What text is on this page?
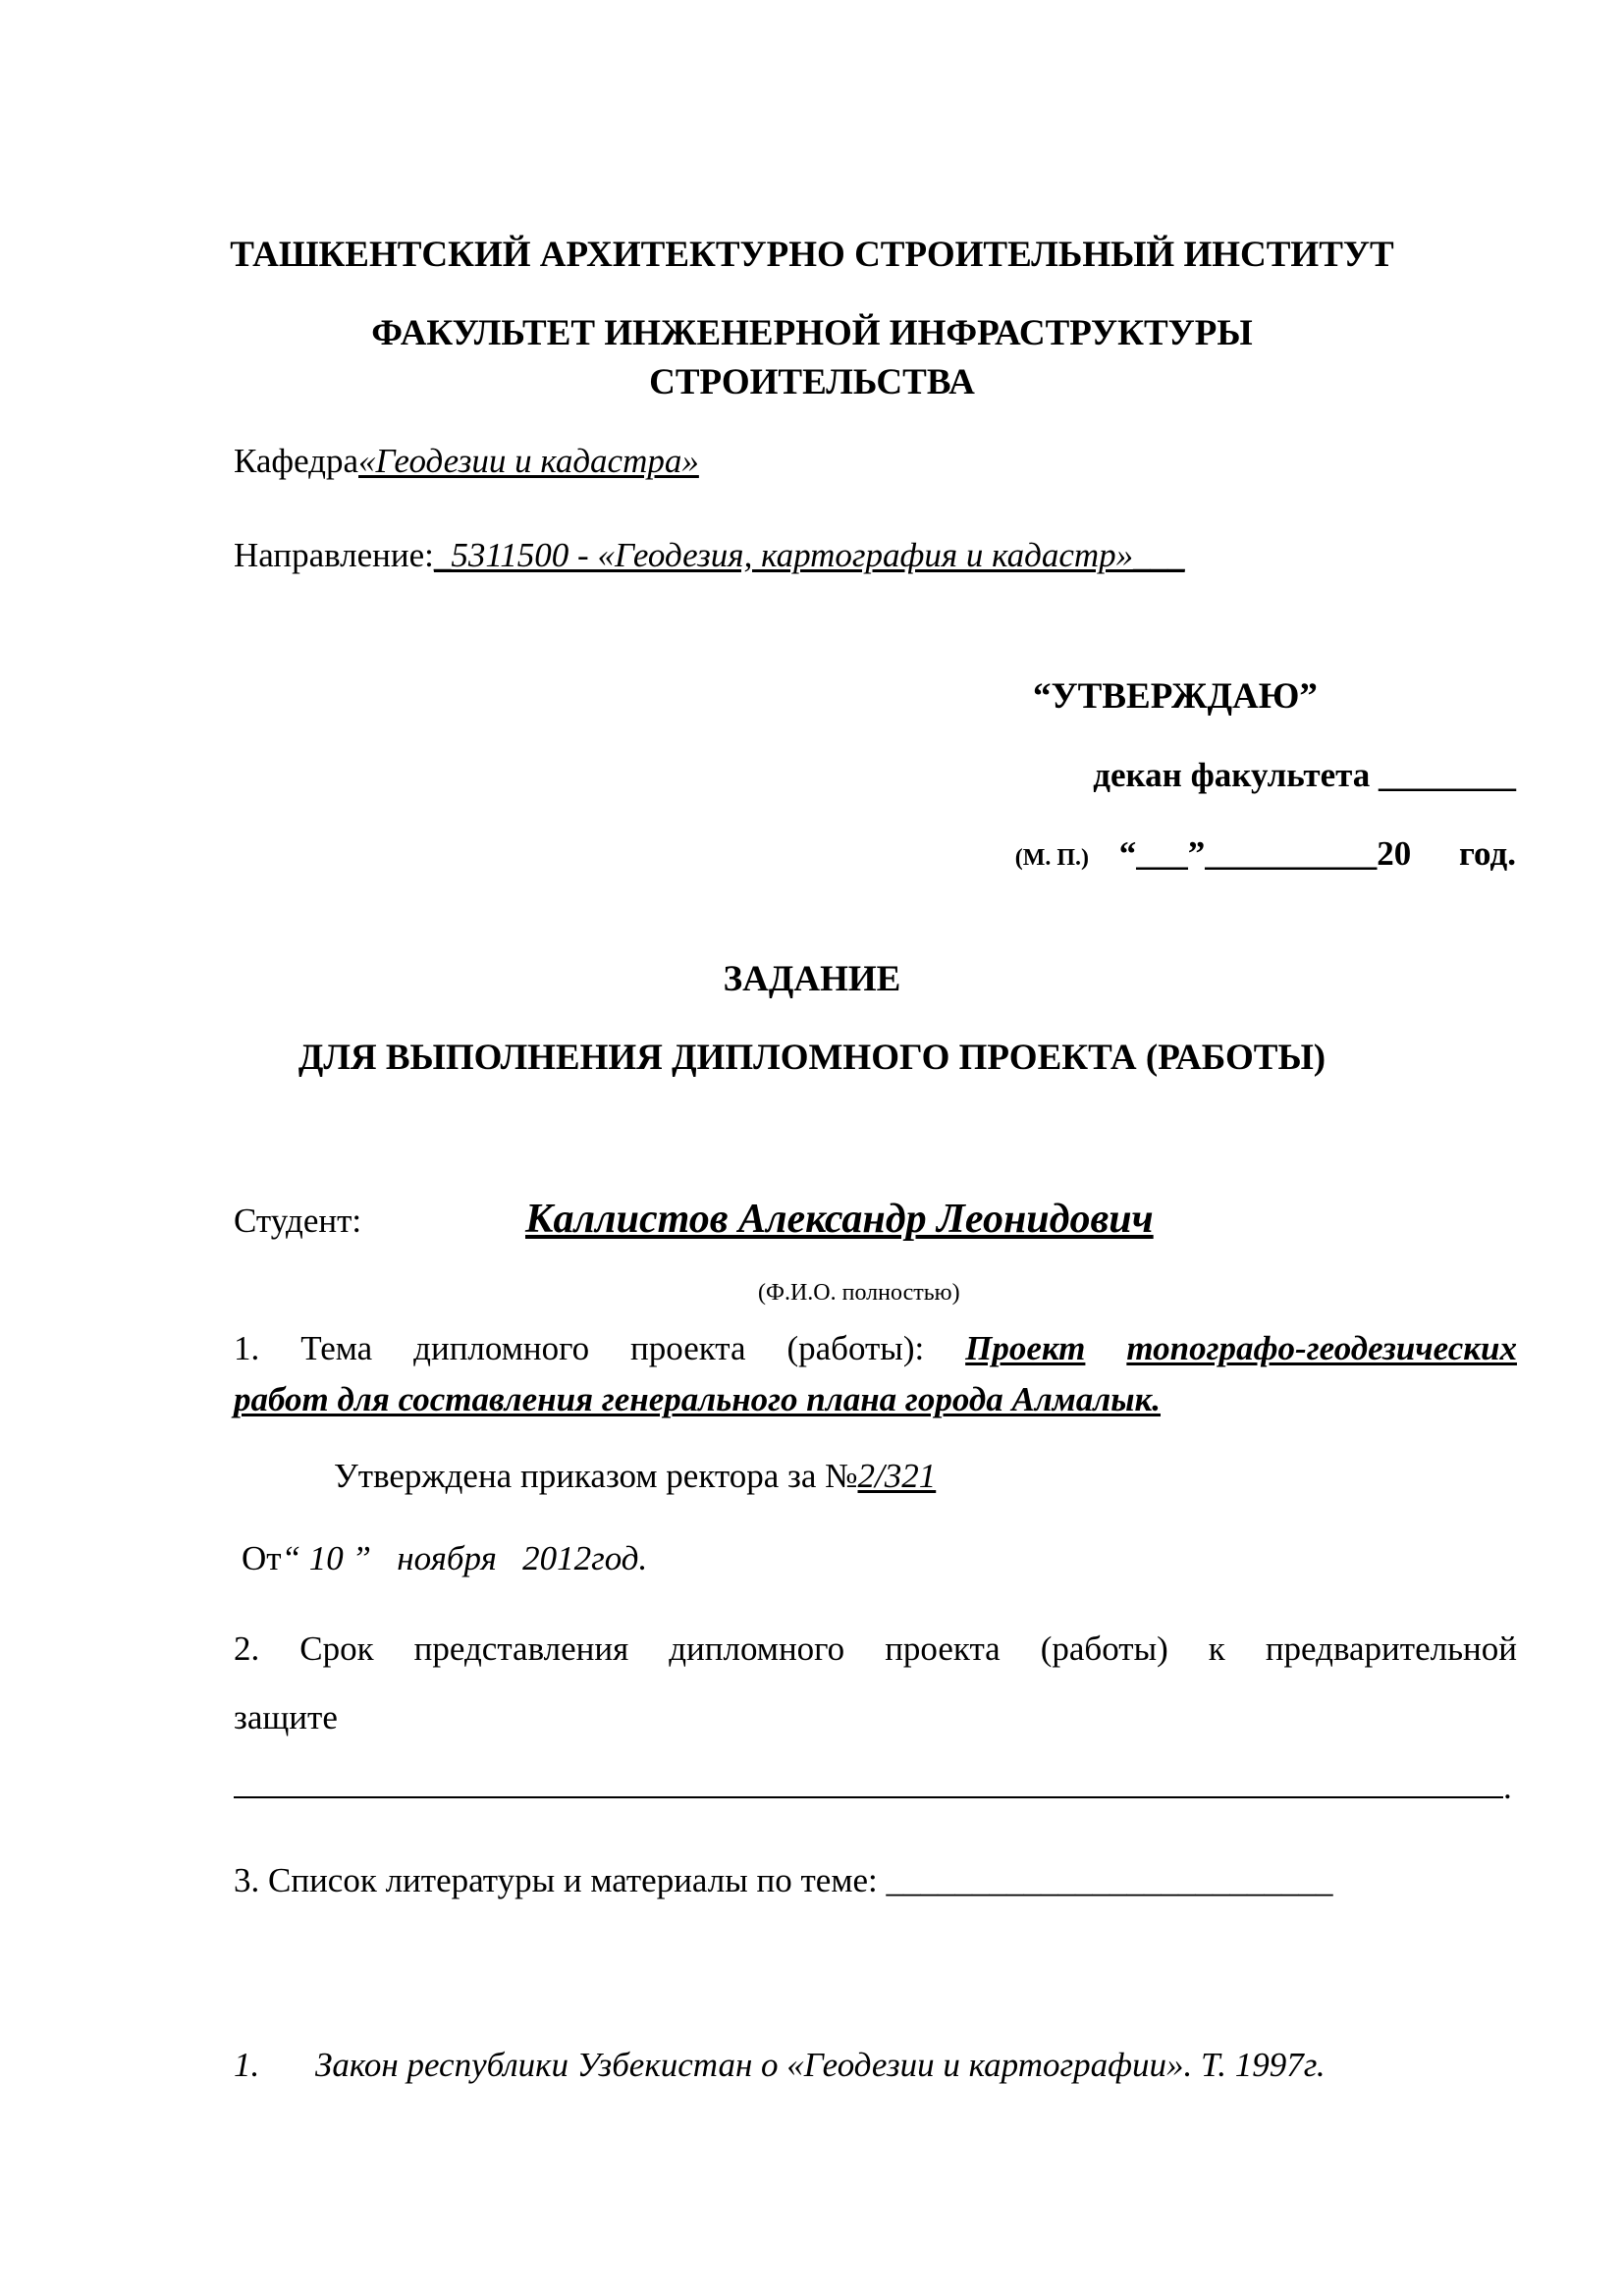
ТАШКЕНТСКИЙ АРХИТЕКТУРНО СТРОИТЕЛЬНЫЙ ИНСТИТУТ
ФАКУЛЬТЕТ ИНЖЕНЕРНОЙ ИНФРАСТРУКТУРЫ
СТРОИТЕЛЬСТВА
Кафедра«Геодезии и кадастра»
Направление:_5311500 - «Геодезия, картография и кадастр»___
“УТВЕРЖДАЮ”
декан факультета ________
(М. П.) “___”__________20 год.
ЗАДАНИЕ
ДЛЯ ВЫПОЛНЕНИЯ ДИПЛОМНОГО ПРОЕКТА (РАБОТЫ)
Студент:	Каллистов Александр Леонидович
(Ф.И.О. полностью)
1. Тема дипломного проекта (работы): Проект топографо-геодезических
работ для составления генерального плана города Алмалык.
Утверждена приказом ректора за №2/321
От“ 10 ”   ноября   2012год.
2. Срок представления дипломного проекта (работы) к предварительной
защите
.
3. Список литературы и материалы по теме: __________________________
1. Закон республики Узбекистан о «Геодезии и картографии». Т. 1997г.
